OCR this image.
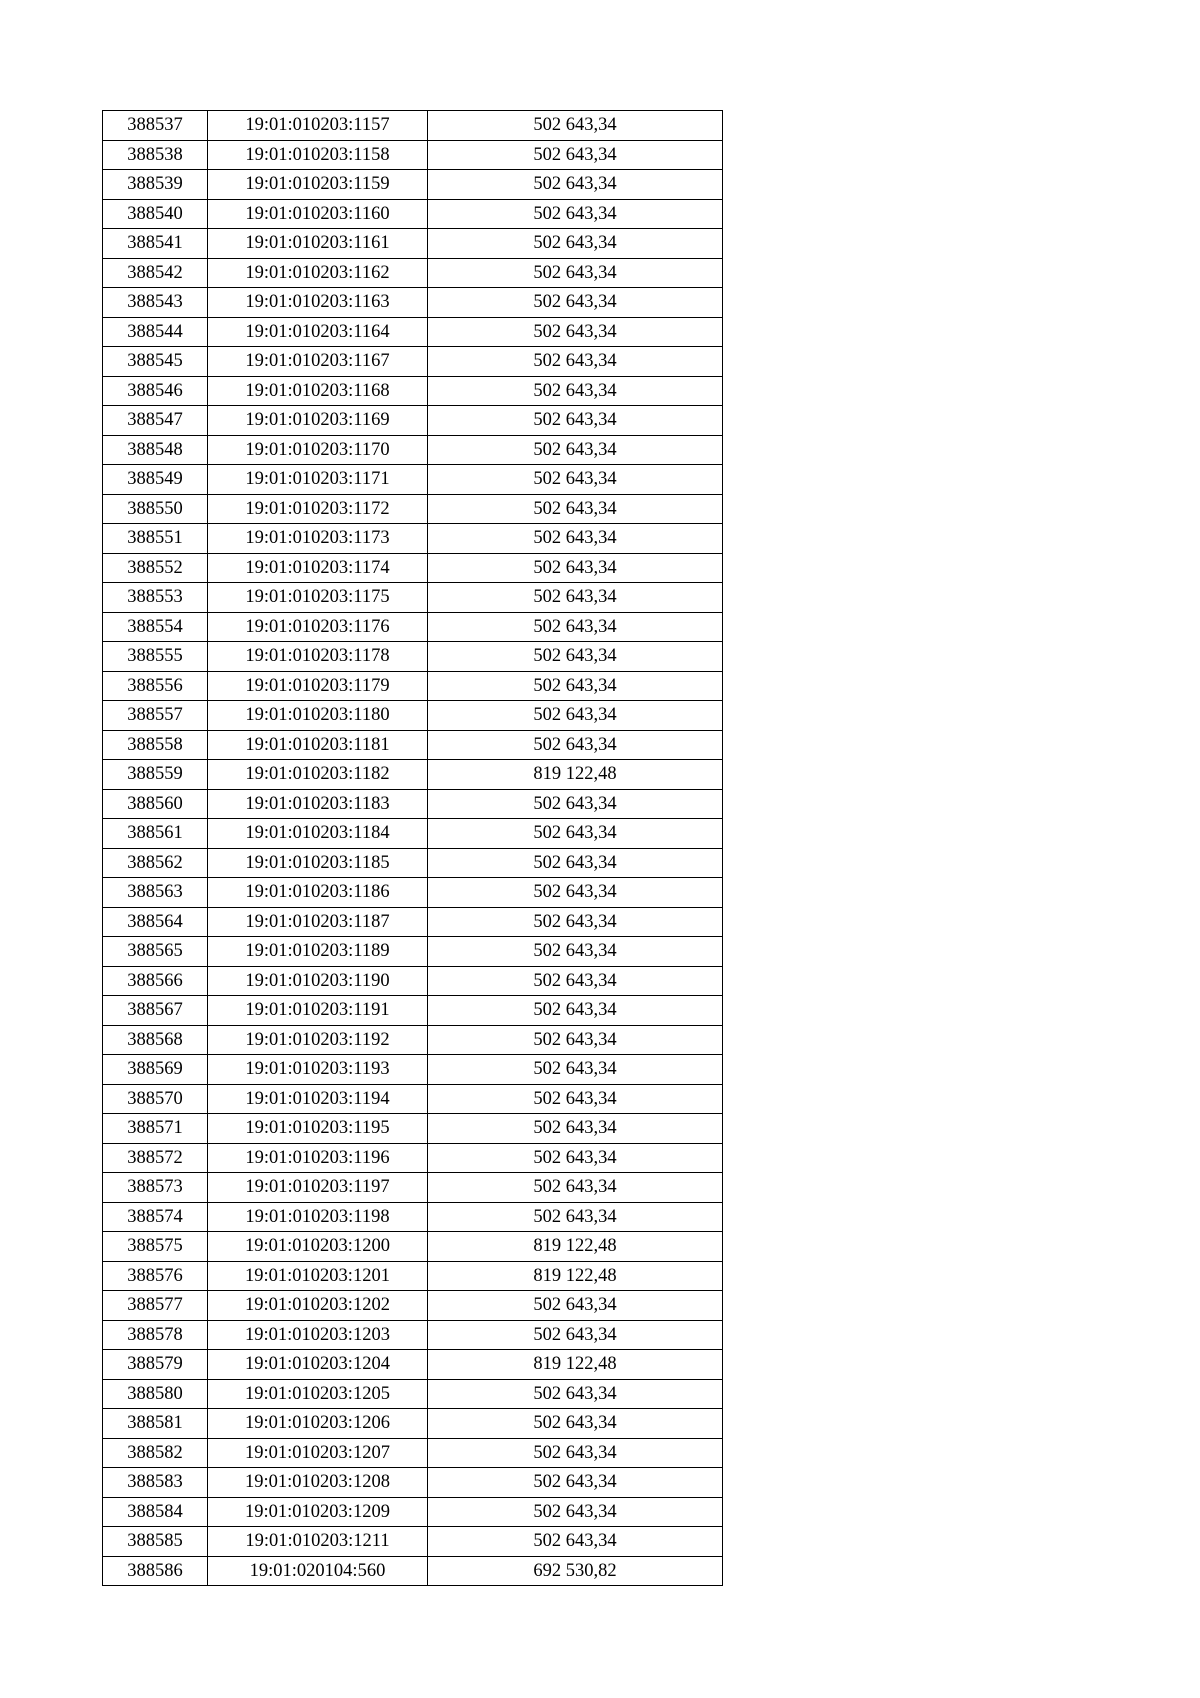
388537	19:01:010203:1157	502 643,34
388538	19:01:010203:1158	502 643,34
388539	19:01:010203:1159	502 643,34
388540	19:01:010203:1160	502 643,34
388541	19:01:010203:1161	502 643,34
388542	19:01:010203:1162	502 643,34
388543	19:01:010203:1163	502 643,34
388544	19:01:010203:1164	502 643,34
388545	19:01:010203:1167	502 643,34
388546	19:01:010203:1168	502 643,34
388547	19:01:010203:1169	502 643,34
388548	19:01:010203:1170	502 643,34
388549	19:01:010203:1171	502 643,34
388550	19:01:010203:1172	502 643,34
388551	19:01:010203:1173	502 643,34
388552	19:01:010203:1174	502 643,34
388553	19:01:010203:1175	502 643,34
388554	19:01:010203:1176	502 643,34
388555	19:01:010203:1178	502 643,34
388556	19:01:010203:1179	502 643,34
388557	19:01:010203:1180	502 643,34
388558	19:01:010203:1181	502 643,34
388559	19:01:010203:1182	819 122,48
388560	19:01:010203:1183	502 643,34
388561	19:01:010203:1184	502 643,34
388562	19:01:010203:1185	502 643,34
388563	19:01:010203:1186	502 643,34
388564	19:01:010203:1187	502 643,34
388565	19:01:010203:1189	502 643,34
388566	19:01:010203:1190	502 643,34
388567	19:01:010203:1191	502 643,34
388568	19:01:010203:1192	502 643,34
388569	19:01:010203:1193	502 643,34
388570	19:01:010203:1194	502 643,34
388571	19:01:010203:1195	502 643,34
388572	19:01:010203:1196	502 643,34
388573	19:01:010203:1197	502 643,34
388574	19:01:010203:1198	502 643,34
388575	19:01:010203:1200	819 122,48
388576	19:01:010203:1201	819 122,48
388577	19:01:010203:1202	502 643,34
388578	19:01:010203:1203	502 643,34
388579	19:01:010203:1204	819 122,48
388580	19:01:010203:1205	502 643,34
388581	19:01:010203:1206	502 643,34
388582	19:01:010203:1207	502 643,34
388583	19:01:010203:1208	502 643,34
388584	19:01:010203:1209	502 643,34
388585	19:01:010203:1211	502 643,34
388586	19:01:020104:560	692 530,82
